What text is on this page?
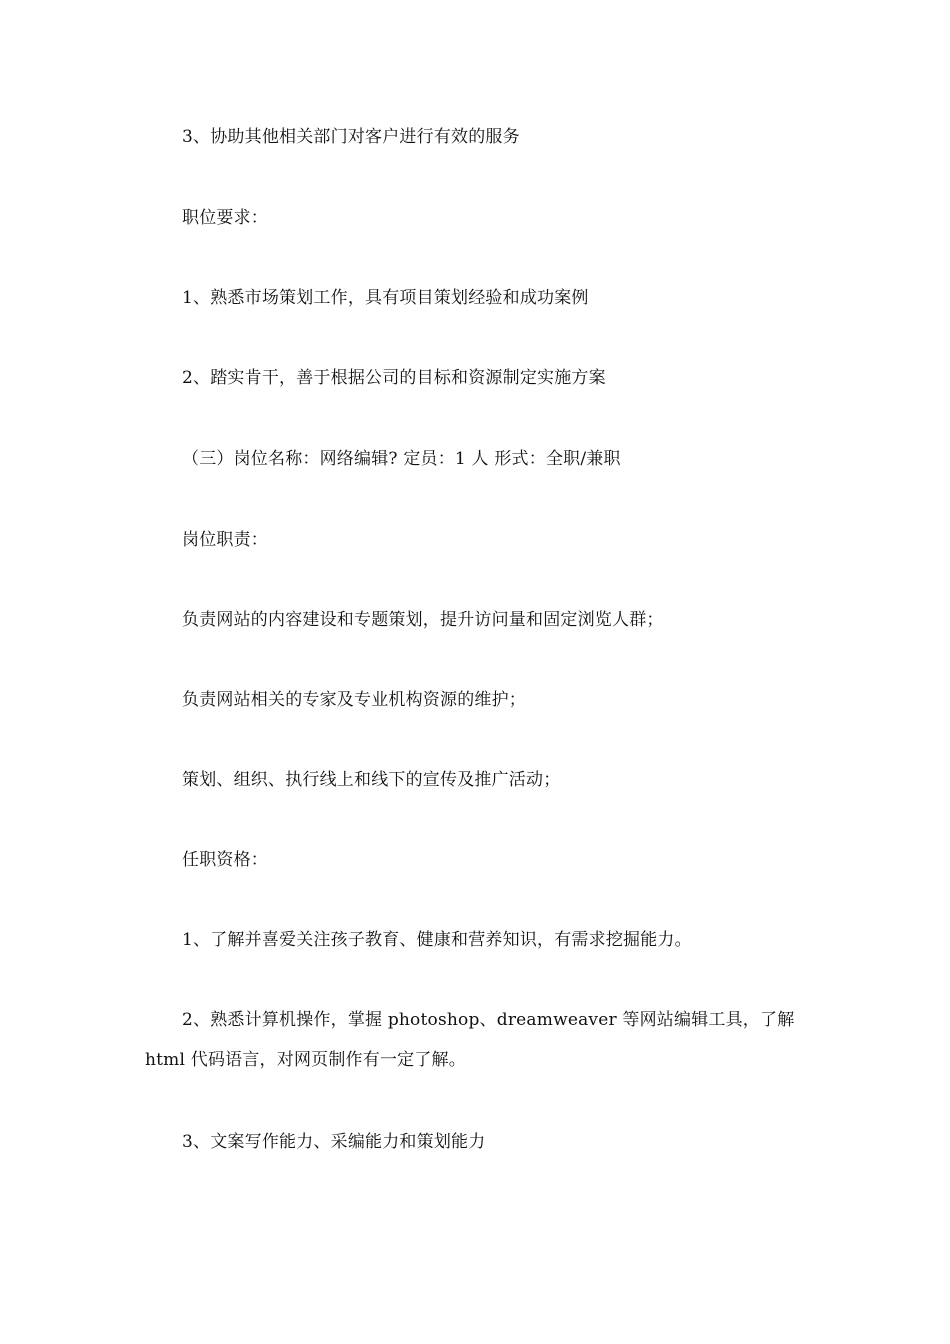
3、协助其他相关部门对客户进行有效的服务

职位要求：

1、熟悉市场策划工作，具有项目策划经验和成功案例

2、踏实肯干，善于根据公司的目标和资源制定实施方案

（三）岗位名称：网络编辑? 定员：1 人 形式：全职/兼职

岗位职责：

负责网站的内容建设和专题策划，提升访问量和固定浏览人群；

负责网站相关的专家及专业机构资源的维护；

策划、组织、执行线上和线下的宣传及推广活动；

任职资格：

1、了解并喜爱关注孩子教育、健康和营养知识，有需求挖掘能力。

2、熟悉计算机操作，掌握 photoshop、dreamweaver 等网站编辑工具，了解 html 代码语言，对网页制作有一定了解。

3、文案写作能力、采编能力和策划能力
